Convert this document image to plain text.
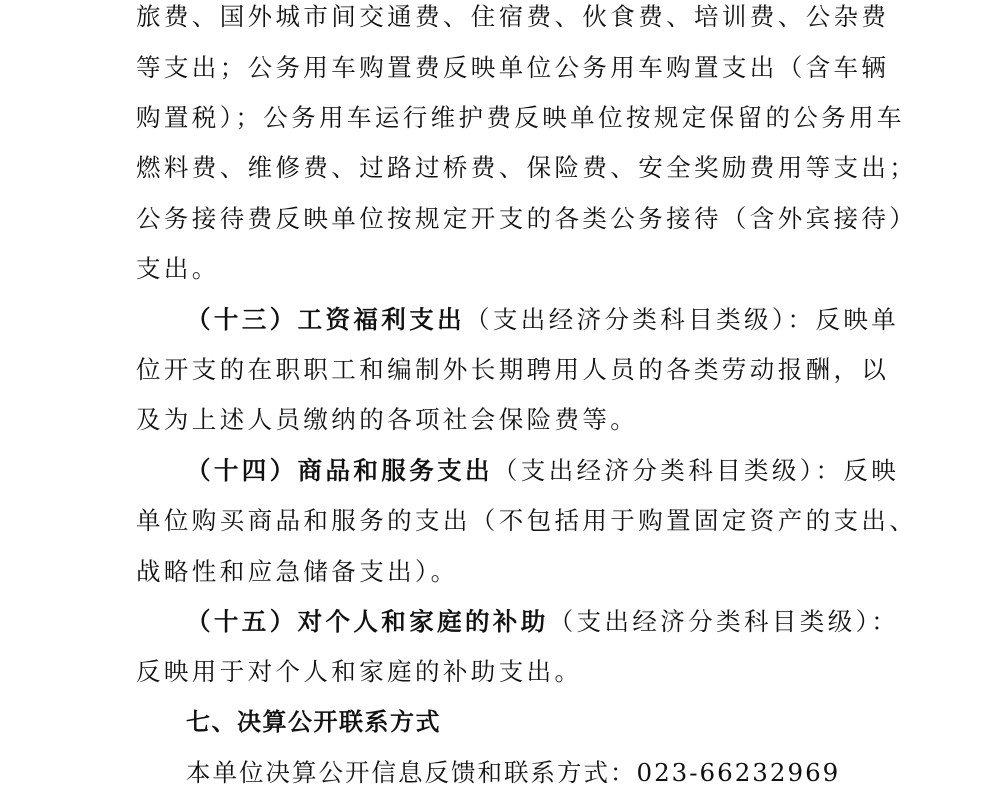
旅费、国外城市间交通费、住宿费、伙食费、培训费、公杂费
等支出；公务用车购置费反映单位公务用车购置支出（含车辆
购置税）；公务用车运行维护费反映单位按规定保留的公务用车
燃料费、维修费、过路过桥费、保险费、安全奖励费用等支出；
公务接待费反映单位按规定开支的各类公务接待（含外宾接待）
支出。
（十三）工资福利支出（支出经济分类科目类级）：反映单
位开支的在职职工和编制外长期聘用人员的各类劳动报酬，以
及为上述人员缴纳的各项社会保险费等。
（十四）商品和服务支出（支出经济分类科目类级）：反映
单位购买商品和服务的支出（不包括用于购置固定资产的支出、
战略性和应急储备支出）。
（十五）对个人和家庭的补助（支出经济分类科目类级）：
反映用于对个人和家庭的补助支出。
七、决算公开联系方式
本单位决算公开信息反馈和联系方式：023-66232969
